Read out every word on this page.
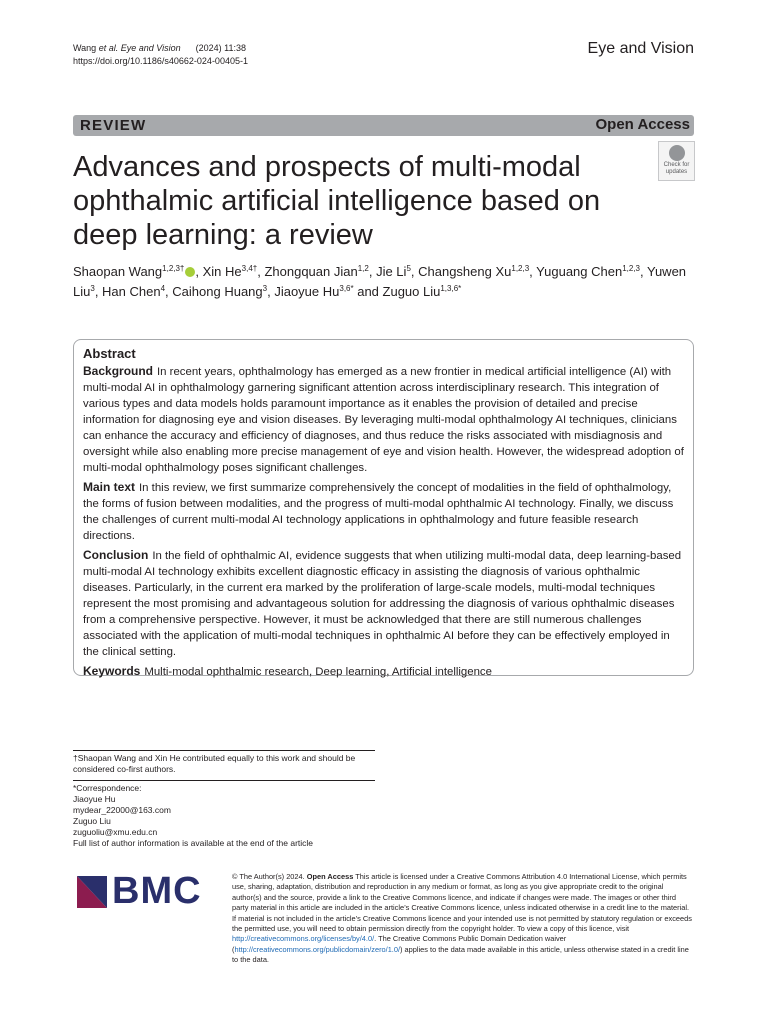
Wang et al. Eye and Vision (2024) 11:38
https://doi.org/10.1186/s40662-024-00405-1
Eye and Vision
REVIEW	Open Access
Advances and prospects of multi-modal ophthalmic artificial intelligence based on deep learning: a review
Check for
updates
Shaopan Wang$^{1,2,3\dagger}$ , Xin $He^{3,4\dagger}$, Zhongquan Jian$^{1,2}$, Jie Li$^5$, Changsheng Xu$^{1,2,3}$, Yuguang Chen$^{1,2,3}$, Yuwen Liu$^3$, Han Chen$^4$, Caihong Huang$^3$, Jiaoyue $Hu^{3,6*}$ and Zuguo Liu$^{1,3,6*}$
Abstract
Background In recent years, ophthalmology has emerged as a new frontier in medical artificial intelligence (AI) with multi-modal AI in ophthalmology garnering significant attention across interdisciplinary research. This integration of various types and data models holds paramount importance as it enables the provision of detailed and precise information for diagnosing eye and vision diseases. By leveraging multi-modal ophthalmology AI techniques, clinicians can enhance the accuracy and efficiency of diagnoses, and thus reduce the risks associated with misdiagnosis and oversight while also enabling more precise management of eye and vision health. However, the widespread adoption of multi-modal ophthalmology poses significant challenges.
Main text In this review, we first summarize comprehensively the concept of modalities in the field of ophthalmology, the forms of fusion between modalities, and the progress of multi-modal ophthalmic AI technology. Finally, we discuss the challenges of current multi-modal AI technology applications in ophthalmology and future feasible research directions.
Conclusion In the field of ophthalmic AI, evidence suggests that when utilizing multi-modal data, deep learning-based multi-modal AI technology exhibits excellent diagnostic efficacy in assisting the diagnosis of various ophthalmic diseases. Particularly, in the current era marked by the proliferation of large-scale models, multi-modal techniques represent the most promising and advantageous solution for addressing the diagnosis of various ophthalmic diseases from a comprehensive perspective. However, it must be acknowledged that there are still numerous challenges associated with the application of multi-modal techniques in ophthalmic AI before they can be effectively employed in the clinical setting.
Keywords Multi-modal ophthalmic research, Deep learning, Artificial intelligence

†Shaopan Wang and Xin He contributed equally to this work and should be considered co-first authors.

*Correspondence:

Jiaoyue Hu

mydear_22000@163.com

Zuguo Liu

zuguoliu@xmu.edu.cn

Full list of author information is available at the end of the article

BMC	© The Author(s) 2024. Open Access This article is licensed under a Creative Commons Attribution 4.0 International License, which permits use, sharing, adaptation, distribution and reproduction in any medium or format, as long as you give appropriate credit to the original author(s) and the source, provide a link to the Creative Commons licence, and indicate if changes were made. The images or other third party material in this article are included in the article’s Creative Commons licence, unless indicated otherwise in a credit line to the material. If material is not included in the article’s Creative Commons licence and your intended use is not permitted by statutory regulation or exceeds the permitted use, you will need to obtain permission directly from the copyright holder. To view a copy of this licence, visit http://creativecommons.org/licenses/by/4.0/. The Creative Commons Public Domain Dedication waiver (http://creativecommons.org/publicdomain/zero/1.0/) applies to the data made available in this article, unless otherwise stated in a credit line to the data.
